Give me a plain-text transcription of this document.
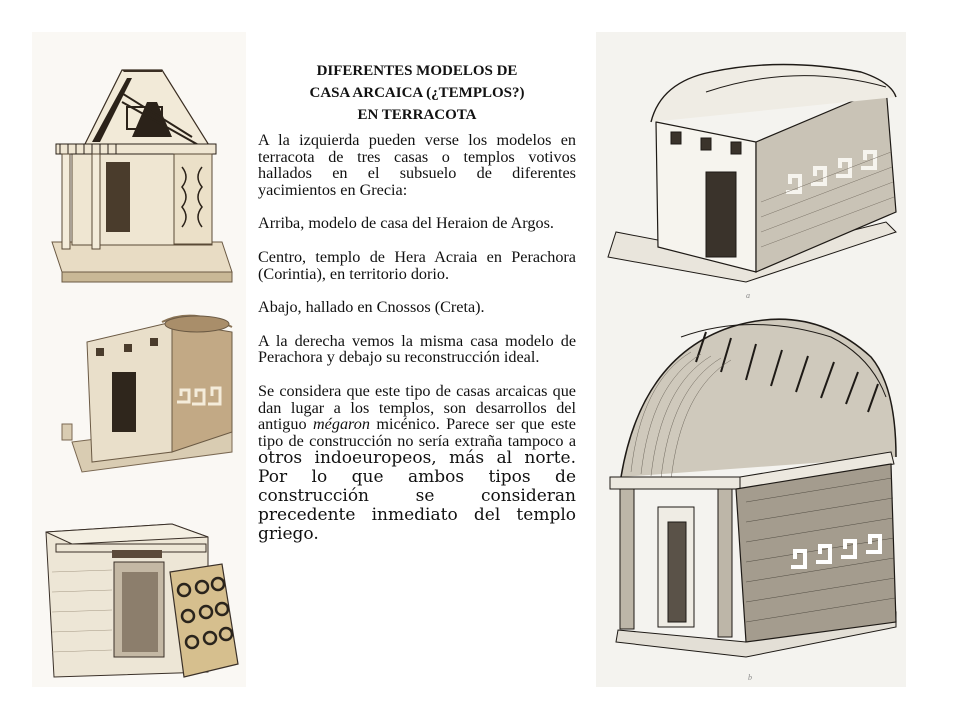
DIFERENTES MODELOS DE
CASA ARCAICA (¿TEMPLOS?)
EN TERRACOTA

A la izquierda pueden verse los modelos en terracota de tres casas o templos votivos hallados en el subsuelo de diferentes yacimientos en Grecia:

Arriba, modelo de casa del Heraion de Argos.

Centro, templo de Hera Acraia en Perachora (Corintia), en territorio dorio.

Abajo, hallado en Cnossos (Creta).

A la derecha vemos la misma casa modelo de Perachora y debajo su reconstrucción ideal.

Se considera que este tipo de casas arcaicas que dan lugar a los templos, son desarrollos del antiguo mégaron micénico. Parece ser que este tipo de construcción no sería extraña tampoco a otros indoeuropeos, más al norte. Por lo que ambos tipos de construcción se consideran precedente inmediato del templo griego.

a
b
